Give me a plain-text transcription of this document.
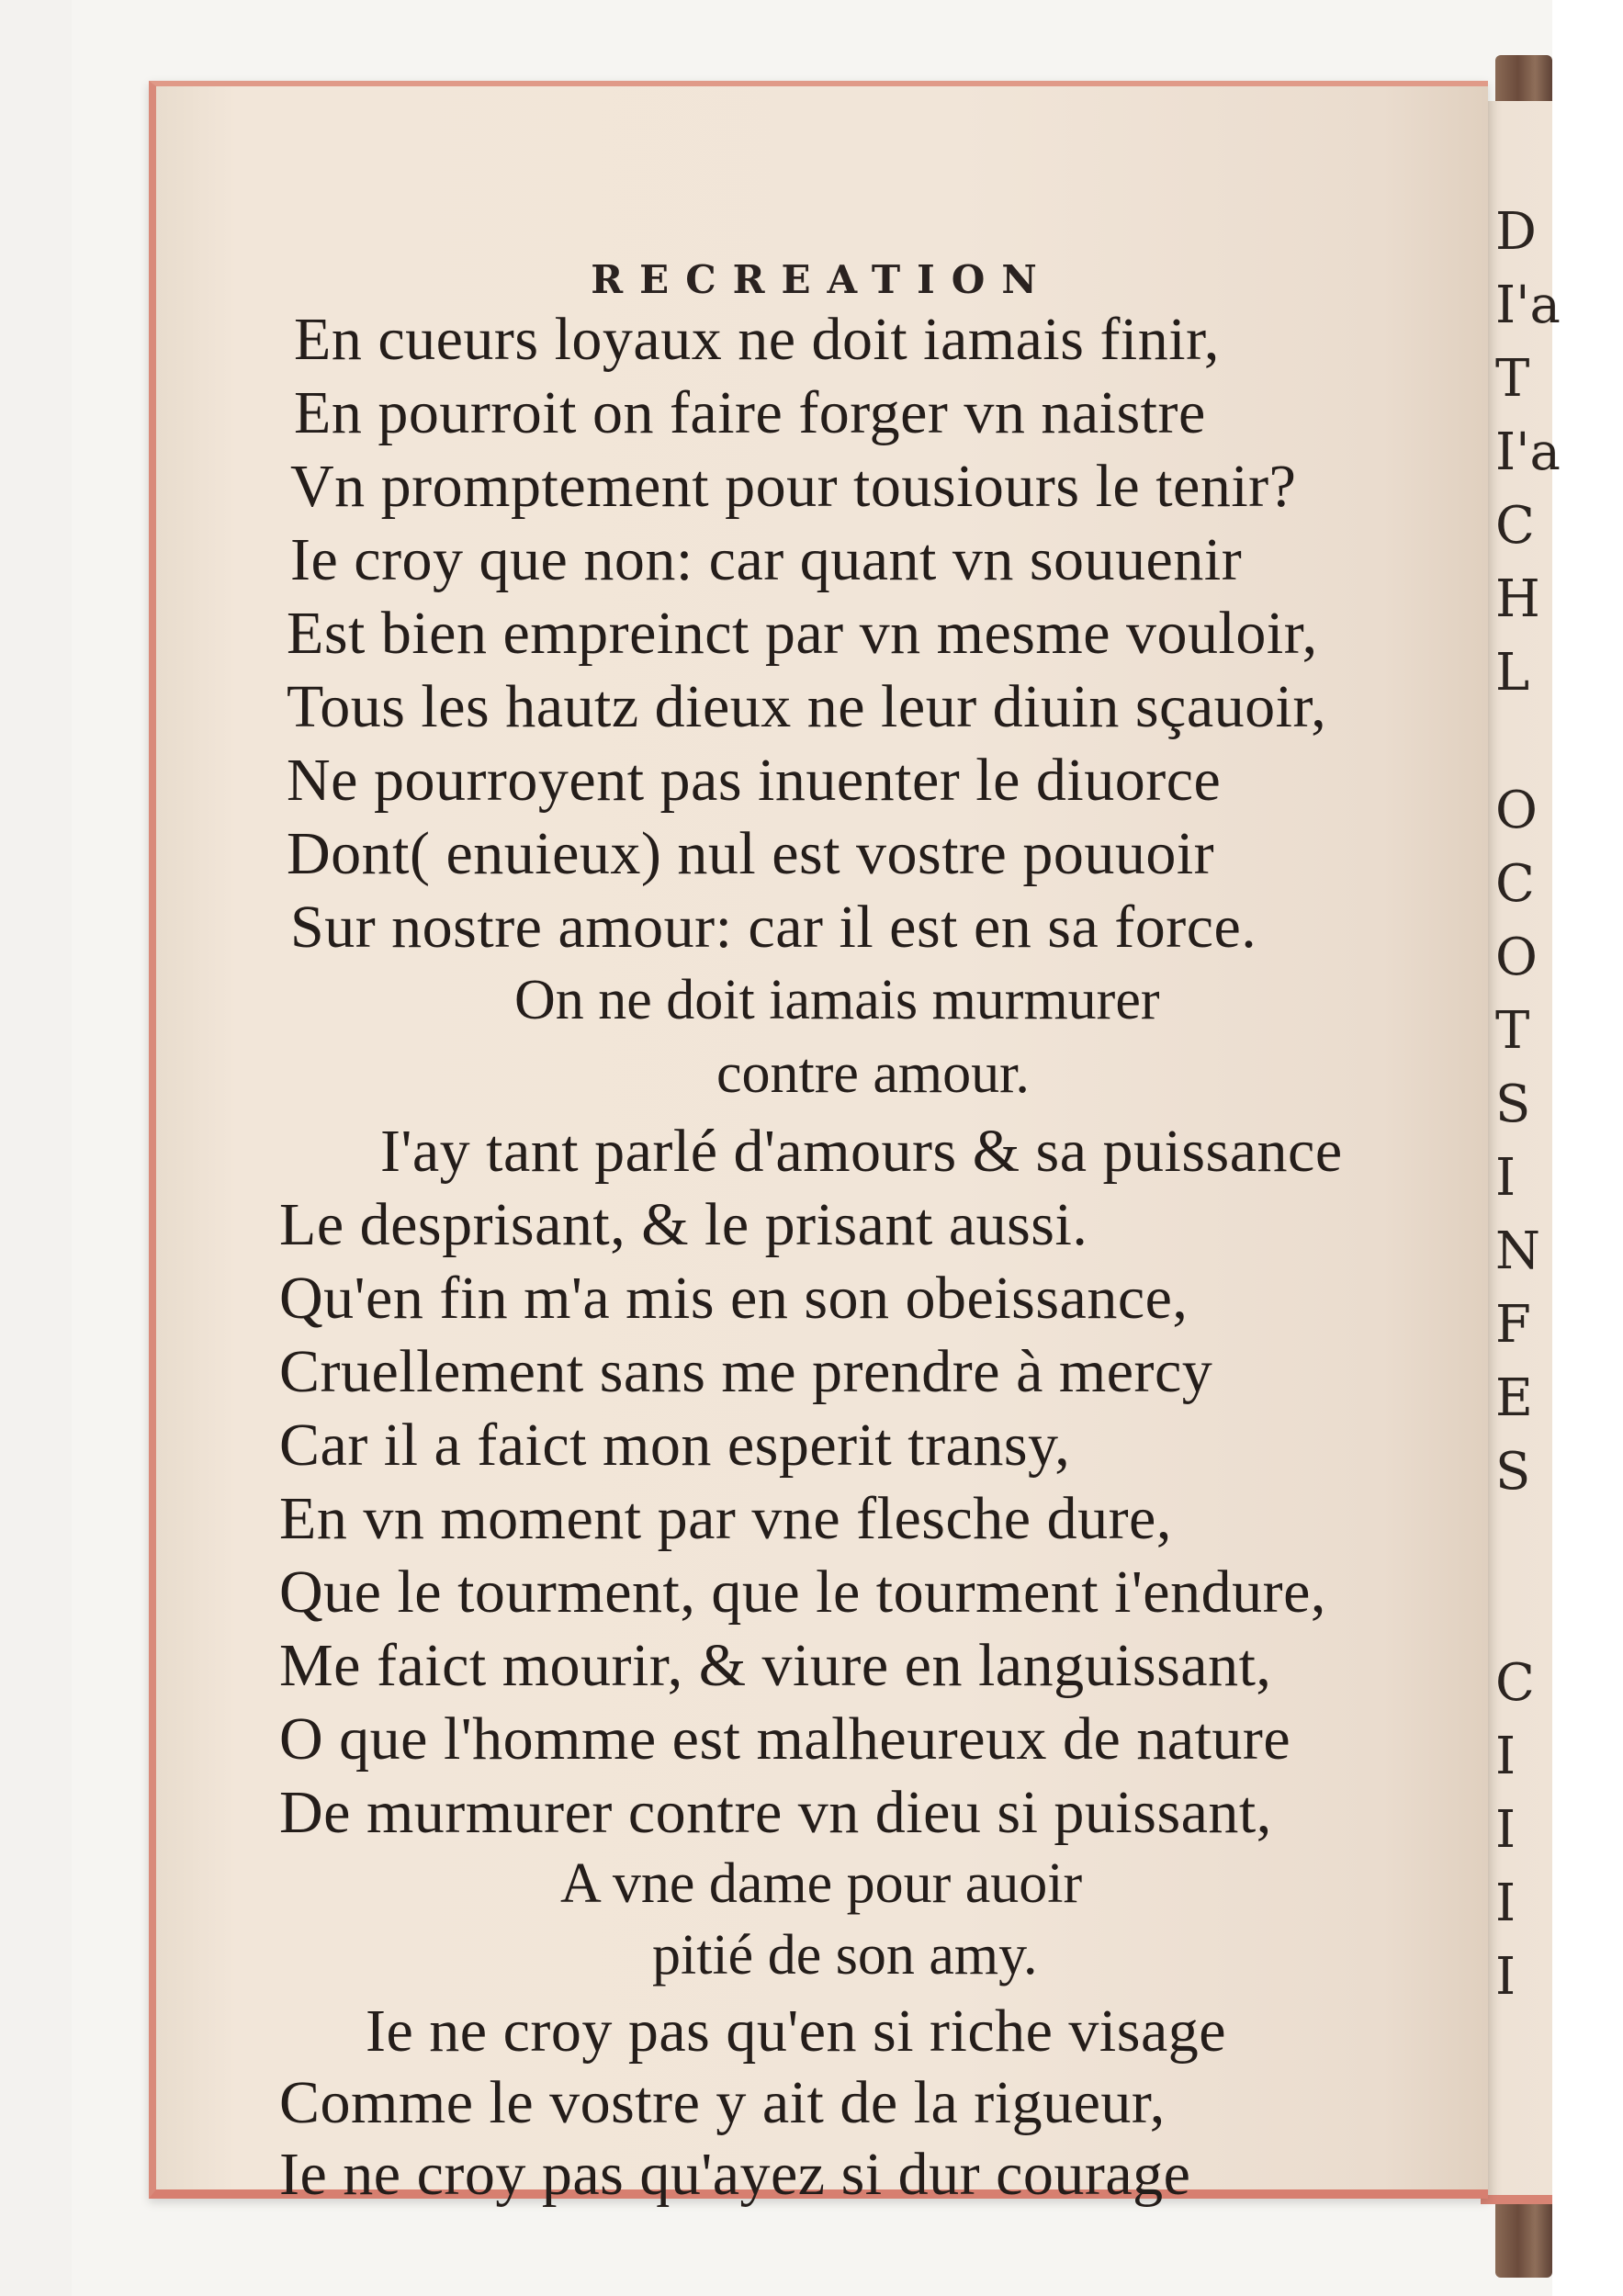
D
I'a
T
I'a
C
H
L
O
C
O
T
S
I
N
F
E
S
C
I
I
I
I
RECREATION
En cueurs loyaux ne doit iamais finir,
En pourroit on faire forger vn naistre
Vn promptement pour tousiours le tenir?
Ie croy que non: car quant vn souuenir
Est bien empreinct par vn mesme vouloir,
Tous les hautz dieux ne leur diuin sçauoir,
Ne pourroyent pas inuenter le diuorce
Dont( enuieux) nul est vostre pouuoir
Sur nostre amour: car il est en sa force.
On ne doit iamais murmurer
contre amour.
I'ay tant parlé d'amours & sa puissance
Le desprisant, & le prisant aussi.
Qu'en fin m'a mis en son obeissance,
Cruellement sans me prendre à mercy
Car il a faict mon esperit transy,
En vn moment par vne flesche dure,
Que le tourment, que le tourment i'endure,
Me faict mourir, & viure en languissant,
O que l'homme est malheureux de nature
De murmurer contre vn dieu si puissant,
A vne dame pour auoir
pitié de son amy.
Ie ne croy pas qu'en si riche visage
Comme le vostre y ait de la rigueur,
Ie ne croy pas qu'ayez si dur courage
